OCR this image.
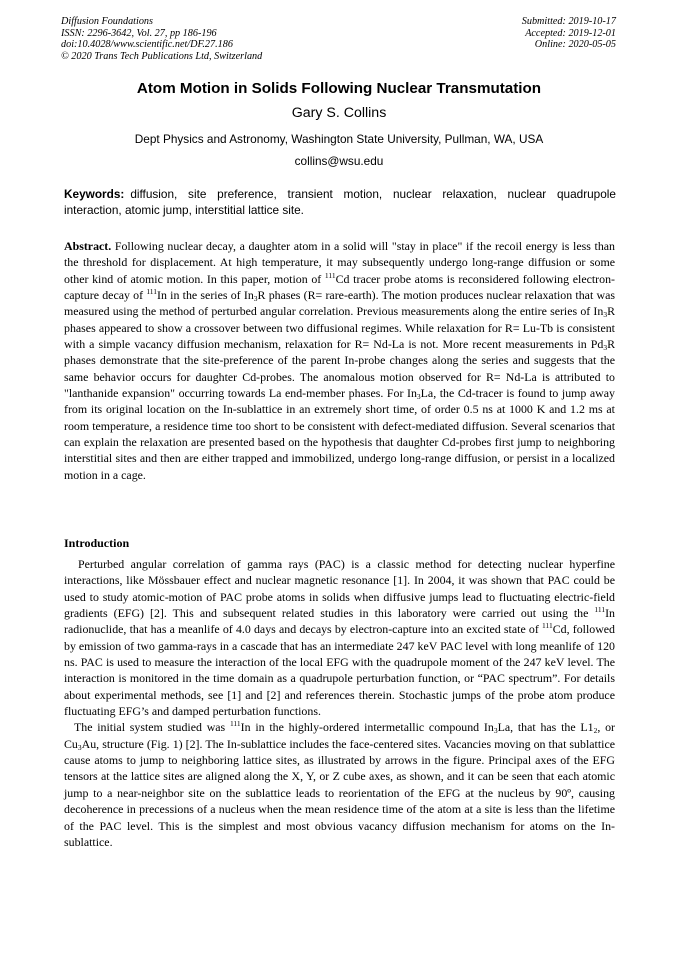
Diffusion Foundations
ISSN: 2296-3642, Vol. 27, pp 186-196
doi:10.4028/www.scientific.net/DF.27.186
© 2020 Trans Tech Publications Ltd, Switzerland
Submitted: 2019-10-17
Accepted: 2019-12-01
Online: 2020-05-05
Atom Motion in Solids Following Nuclear Transmutation
Gary S. Collins
Dept Physics and Astronomy, Washington State University, Pullman, WA, USA
collins@wsu.edu
Keywords: diffusion, site preference, transient motion, nuclear relaxation, nuclear quadrupole interaction, atomic jump, interstitial lattice site.

Abstract. Following nuclear decay, a daughter atom in a solid will "stay in place" if the recoil energy is less than the threshold for displacement. At high temperature, it may subsequently undergo long-range diffusion or some other kind of atomic motion. In this paper, motion of $^{111}$Cd tracer probe atoms is reconsidered following electron-capture decay of $^{111}$In in the series of $In_3R$ phases (R= rare-earth). The motion produces nuclear relaxation that was measured using the method of perturbed angular correlation. Previous measurements along the entire series of $In_3R$ phases appeared to show a crossover between two diffusional regimes. While relaxation for R= Lu-Tb is consistent with a simple vacancy diffusion mechanism, relaxation for R= Nd-La is not. More recent measurements in $Pd_3R$ phases demonstrate that the site-preference of the parent In-probe changes along the series and suggests that the same behavior occurs for daughter Cd-probes. The anomalous motion observed for R= Nd-La is attributed to "lanthanide expansion" occurring towards La end-member phases. For $In_3La$, the Cd-tracer is found to jump away from its original location on the In-sublattice in an extremely short time, of order 0.5 ns at 1000 K and 1.2 ms at room temperature, a residence time too short to be consistent with defect-mediated diffusion. Several scenarios that can explain the relaxation are presented based on the hypothesis that daughter Cd-probes first jump to neighboring interstitial sites and then are either trapped and immobilized, undergo long-range diffusion, or persist in a localized motion in a cage.

Introduction

Perturbed angular correlation of gamma rays (PAC) is a classic method for detecting nuclear hyperfine interactions, like Mössbauer effect and nuclear magnetic resonance [1]. In 2004, it was shown that PAC could be used to study atomic-motion of PAC probe atoms in solids when diffusive jumps lead to fluctuating electric-field gradients (EFG) [2]. This and subsequent related studies in this laboratory were carried out using the $^{111}$In radionuclide, that has a meanlife of 4.0 days and decays by electron-capture into an excited state of $^{111}$Cd, followed by emission of two gamma-rays in a cascade that has an intermediate 247 keV PAC level with long meanlife of 120 ns. PAC is used to measure the interaction of the local EFG with the quadrupole moment of the 247 keV level. The interaction is monitored in the time domain as a quadrupole perturbation function, or “PAC spectrum”. For details about experimental methods, see [1] and [2] and references therein. Stochastic jumps of the probe atom produce fluctuating EFG’s and damped perturbation functions.

The initial system studied was $^{111}$In in the highly-ordered intermetallic compound $In_3La$, that has the $L1_2$, or $Cu_3Au$, structure (Fig. 1) [2]. The In-sublattice includes the face-centered sites. Vacancies moving on that sublattice cause atoms to jump to neighboring lattice sites, as illustrated by arrows in the figure. Principal axes of the EFG tensors at the lattice sites are aligned along the X, Y, or Z cube axes, as shown, and it can be seen that each atomic jump to a near-neighbor site on the sublattice leads to reorientation of the EFG at the nucleus by 90º, causing decoherence in precessions of a nucleus when the mean residence time of the atom at a site is less than the lifetime of the PAC level. This is the simplest and most obvious vacancy diffusion mechanism for atoms on the In-sublattice.
